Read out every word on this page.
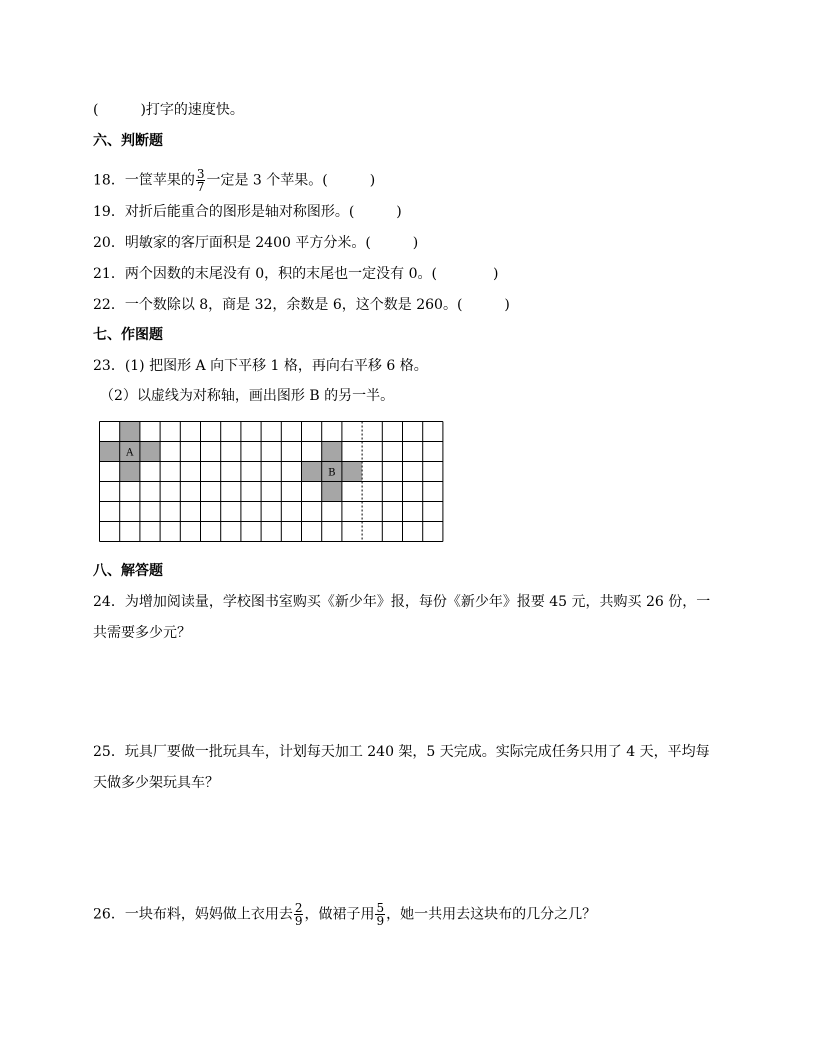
(　　　)打字的速度快。
六、判断题
18．一筐苹果的 $\frac{3}{7}$ 一定是 3 个苹果。(　　　)
19．对折后能重合的图形是轴对称图形。(　　　)
20．明敏家的客厅面积是 2400 平方分米。(　　　)
21．两个因数的末尾没有 0，积的末尾也一定没有 0。(　　　　)
22．一个数除以 8，商是 32，余数是 6，这个数是 260。(　　　)
七、作图题
23．(1) 把图形 A 向下平移 1 格，再向右平移 6 格。
（2）以虚线为对称轴，画出图形 B 的另一半。
A
B
八、解答题
24．为增加阅读量，学校图书室购买《新少年》报，每份《新少年》报要 45 元，共购买 26 份，一
共需要多少元？
25．玩具厂要做一批玩具车，计划每天加工 240 架，5 天完成。实际完成任务只用了 4 天，平均每
天做多少架玩具车？
26．一块布料，妈妈做上衣用去 $\frac{2}{9}$ ，做裙子用 $\frac{5}{9}$ ，她一共用去这块布的几分之几？
